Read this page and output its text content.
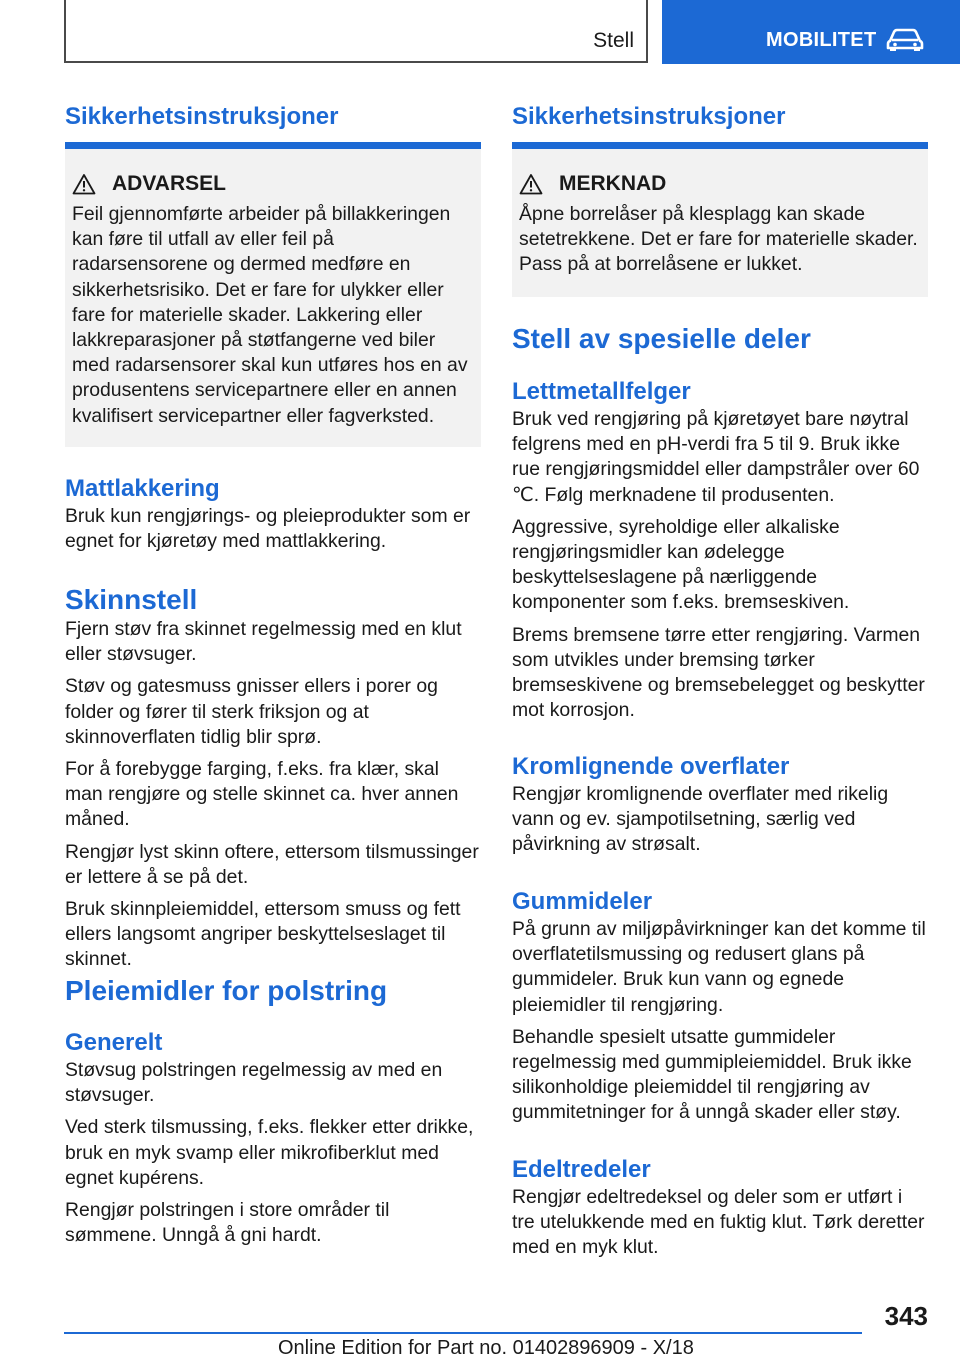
Stell	MOBILITET
Sikkerhetsinstruksjoner
ADVARSEL
Feil gjennomførte arbeider på billakkeringen kan føre til utfall av eller feil på radarsensorene og dermed medføre en sikkerhetsrisiko. Det er fare for ulykker eller fare for materielle skader. Lakkering eller lakkreparasjoner på støtfangerne ved biler med radarsensorer skal kun utføres hos en av produsentens servicepartnere eller en annen kvalifisert servicepartner eller fagverksted.
Mattlakkering

Bruk kun rengjørings- og pleieprodukter som er egnet for kjøretøy med mattlakkering.

Skinnstell

Fjern støv fra skinnet regelmessig med en klut eller støvsuger.

Støv og gatesmuss gnisser ellers i porer og folder og fører til sterk friksjon og at skinnoverflaten tidlig blir sprø.

For å forebygge farging, f.eks. fra klær, skal man rengjøre og stelle skinnet ca. hver annen måned.

Rengjør lyst skinn oftere, ettersom tilsmussinger er lettere å se på det.

Bruk skinnpleiemiddel, ettersom smuss og fett ellers langsomt angriper beskyttelseslaget til skinnet.

Pleiemidler for polstring
Generelt

Støvsug polstringen regelmessig av med en støvsuger.

Ved sterk tilsmussing, f.eks. flekker etter drikke, bruk en myk svamp eller mikrofiberklut med egnet kupérens.

Rengjør polstringen i store områder til sømmene. Unngå å gni hardt.

Sikkerhetsinstruksjoner
MERKNAD
Åpne borrelåser på klesplagg kan skade setetrekkene. Det er fare for materielle skader. Pass på at borrelåsene er lukket.
Stell av spesielle deler
Lettmetallfelger

Bruk ved rengjøring på kjøretøyet bare nøytral felgrens med en pH-verdi fra 5 til 9. Bruk ikke rue rengjøringsmiddel eller dampstråler over 60 ℃. Følg merknadene til produsenten.

Aggressive, syreholdige eller alkaliske rengjøringsmidler kan ødelegge beskyttelseslagene på nærliggende komponenter som f.eks. bremseskiven.

Brems bremsene tørre etter rengjøring. Varmen som utvikles under bremsing tørker bremseskivene og bremsebelegget og beskytter mot korrosjon.

Kromlignende overflater

Rengjør kromlignende overflater med rikelig vann og ev. sjampotilsetning, særlig ved påvirkning av strøsalt.

Gummideler

På grunn av miljøpåvirkninger kan det komme til overflatetilsmussing og redusert glans på gummideler. Bruk kun vann og egnede pleiemidler til rengjøring.

Behandle spesielt utsatte gummideler regelmessig med gummipleiemiddel. Bruk ikke silikonholdige pleiemiddel til rengjøring av gummitetninger for å unngå skader eller støy.

Edeltredeler

Rengjør edeltredeksel og deler som er utført i tre utelukkende med en fuktig klut. Tørk deretter med en myk klut.

343
Online Edition for Part no. 01402896909 - X/18
